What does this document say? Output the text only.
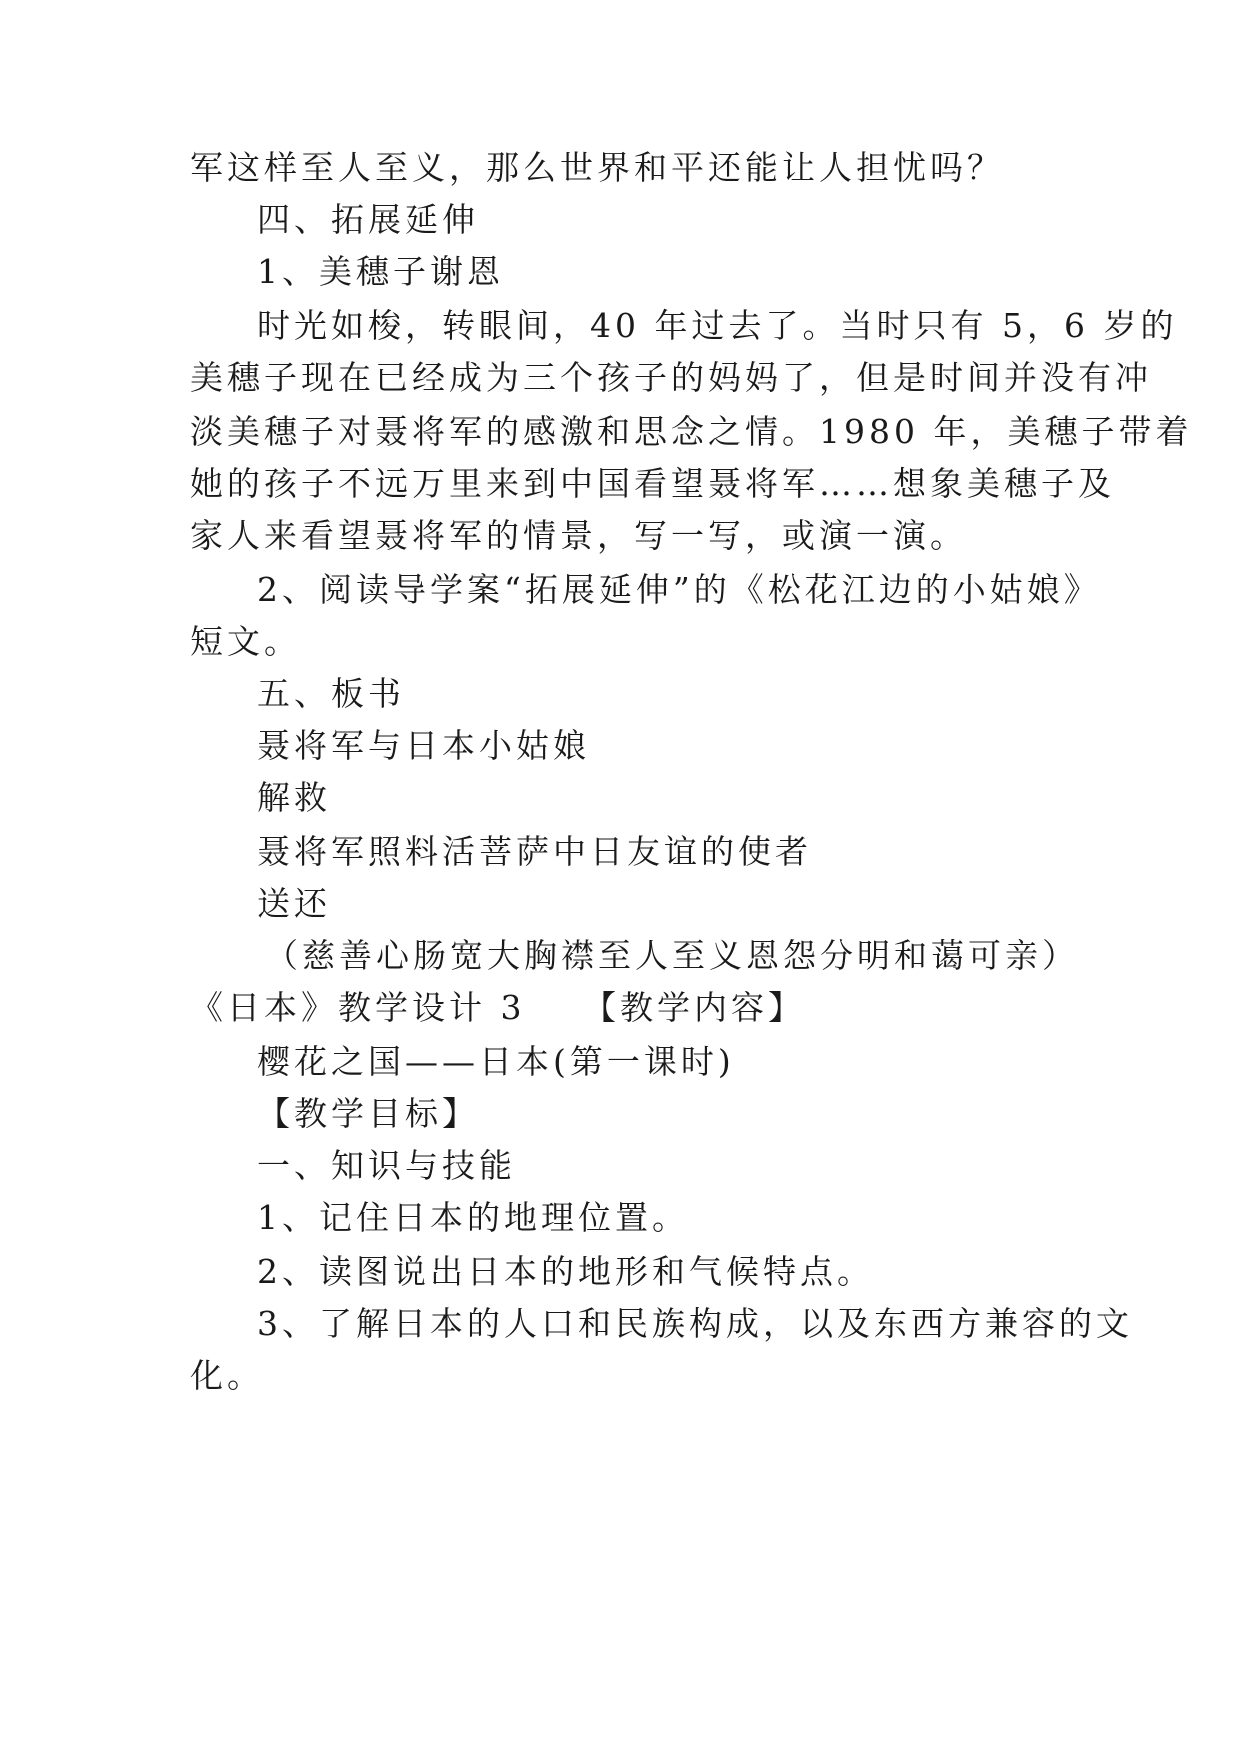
军这样至人至义，那么世界和平还能让人担忧吗？
四、拓展延伸
1、美穗子谢恩
时光如梭，转眼间，40 年过去了。当时只有 5，6 岁的
美穗子现在已经成为三个孩子的妈妈了，但是时间并没有冲
淡美穗子对聂将军的感激和思念之情。1980 年，美穗子带着
她的孩子不远万里来到中国看望聂将军……想象美穗子及
家人来看望聂将军的情景，写一写，或演一演。
2、阅读导学案“拓展延伸”的《松花江边的小姑娘》
短文。
五、板书
聂将军与日本小姑娘
解救
聂将军照料活菩萨中日友谊的使者
送还
（慈善心肠宽大胸襟至人至义恩怨分明和蔼可亲）
《日本》教学设计 3　　【教学内容】
樱花之国——日本(第一课时)
【教学目标】
一、知识与技能
1、记住日本的地理位置。
2、读图说出日本的地形和气候特点。
3、了解日本的人口和民族构成，以及东西方兼容的文
化。
